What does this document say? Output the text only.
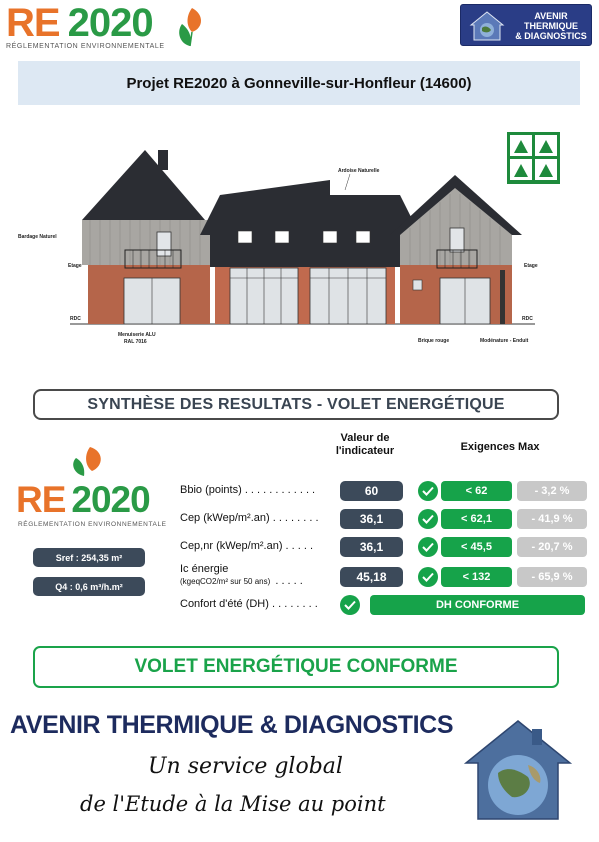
RE 2020
RÉGLEMENTATION ENVIRONNEMENTALE
AVENIR
THERMIQUE
& DIAGNOSTICS
Projet RE2020 à Gonneville-sur-Honfleur (14600)
Ardoise Naturelle
Bardage Naturel
Etage	Etage
RDC	RDC
Menuiserie ALU
RAL 7016	Brique rouge	Modénature - Enduit
SYNTHÈSE DES RESULTATS - VOLET ENERGÉTIQUE
Valeur de
l'indicateur	Exigences Max
RE 2020
RÉGLEMENTATION ENVIRONNEMENTALE
Sref : 254,35 m²
Q4 : 0,6 m³/h.m²
Bbio (points) . . . . . . . . . . . .	60	< 62	- 3,2 %
Cep (kWep/m².an) . . . . . . . .	36,1	< 62,1	- 41,9 %
Cep,nr (kWep/m².an) . . . . .	36,1	< 45,5	- 20,7 %
Ic énergie
(kgeqCO2/m² sur 50 ans) . . . . .	45,18	< 132	- 65,9 %
Confort d'été (DH) . . . . . . . .	DH CONFORME
VOLET ENERGÉTIQUE CONFORME
AVENIR THERMIQUE & DIAGNOSTICS
Un service global
de l'Etude à la Mise au point
